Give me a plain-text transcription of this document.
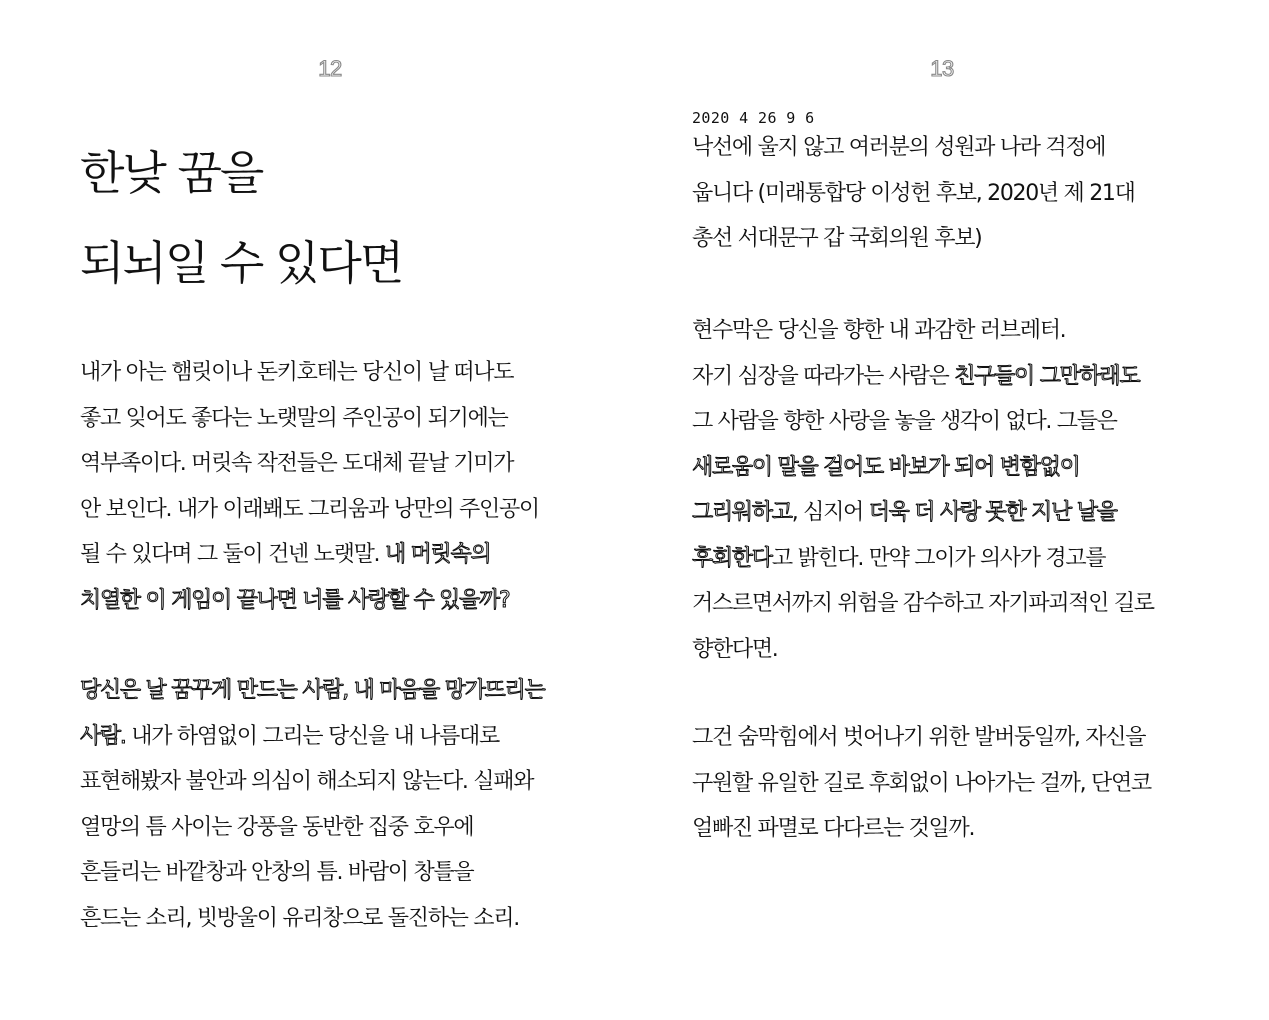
12
한낮 꿈을
되뇌일 수 있다면

내가 아는 햄릿이나 돈키호테는 당신이 날 떠나도
좋고 잊어도 좋다는 노랫말의 주인공이 되기에는
역부족이다. 머릿속 작전들은 도대체 끝날 기미가
안 보인다. 내가 이래봬도 그리움과 낭만의 주인공이
될 수 있다며 그 둘이 건넨 노랫말. 내 머릿속의
치열한 이 게임이 끝나면 너를 사랑할 수 있을까?

당신은 날 꿈꾸게 만드는 사람, 내 마음을 망가뜨리는
사람. 내가 하염없이 그리는 당신을 내 나름대로
표현해봤자 불안과 의심이 해소되지 않는다. 실패와
열망의 틈 사이는 강풍을 동반한 집중 호우에
흔들리는 바깥창과 안창의 틈. 바람이 창틀을
흔드는 소리, 빗방울이 유리창으로 돌진하는 소리.

13
2020 4 26 9 6

낙선에 울지 않고 여러분의 성원과 나라 걱정에
웁니다 (미래통합당 이성헌 후보, 2020년 제 21대
총선 서대문구 갑 국회의원 후보)

현수막은 당신을 향한 내 과감한 러브레터.
자기 심장을 따라가는 사람은 친구들이 그만하래도
그 사람을 향한 사랑을 놓을 생각이 없다. 그들은
새로움이 말을 걸어도 바보가 되어 변함없이
그리워하고, 심지어 더욱 더 사랑 못한 지난 날을
후회한다고 밝힌다. 만약 그이가 의사가 경고를
거스르면서까지 위험을 감수하고 자기파괴적인 길로
향한다면.

그건 숨막힘에서 벗어나기 위한 발버둥일까, 자신을
구원할 유일한 길로 후회없이 나아가는 걸까, 단연코
얼빠진 파멸로 다다르는 것일까.
